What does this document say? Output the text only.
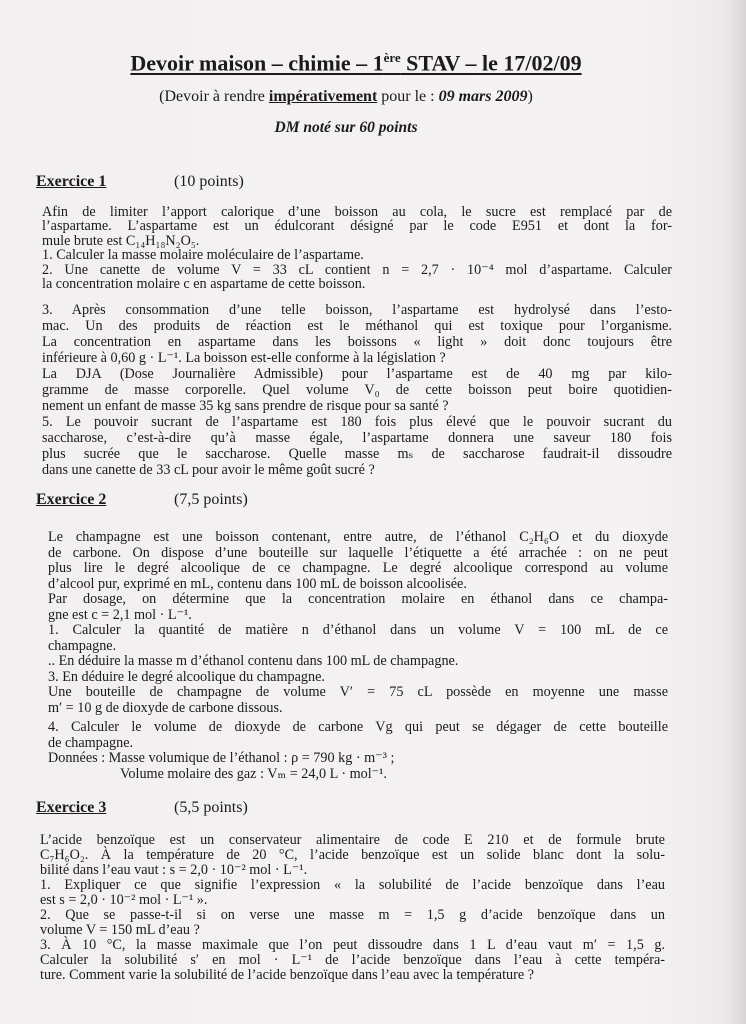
Devoir maison – chimie – 1ère STAV – le 17/02/09
(Devoir à rendre impérativement pour le : 09 mars 2009)
DM noté sur 60 points
Exercice 1	(10 points)
Afin de limiter l’apport calorique d’une boisson au cola, le sucre est remplacé par de
l’aspartame. L’aspartame est un édulcorant désigné par le code E951 et dont la for-
mule brute est C₁₄H₁₈N₂O₅.
1. Calculer la masse molaire moléculaire de l’aspartame.
2. Une canette de volume V = 33 cL contient n = 2,7 · 10⁻⁴ mol d’aspartame. Calculer
la concentration molaire c en aspartame de cette boisson.
3. Après consommation d’une telle boisson, l’aspartame est hydrolysé dans l’esto-
mac. Un des produits de réaction est le méthanol qui est toxique pour l’organisme.
La concentration en aspartame dans les boissons « light » doit donc toujours être
inférieure à 0,60 g · L⁻¹. La boisson est-elle conforme à la législation ?
La DJA (Dose Journalière Admissible) pour l’aspartame est de 40 mg par kilo-
gramme de masse corporelle. Quel volume V₀ de cette boisson peut boire quotidien-
nement un enfant de masse 35 kg sans prendre de risque pour sa santé ?
5. Le pouvoir sucrant de l’aspartame est 180 fois plus élevé que le pouvoir sucrant du
saccharose, c’est-à-dire qu’à masse égale, l’aspartame donnera une saveur 180 fois
plus sucrée que le saccharose. Quelle masse mₛ de saccharose faudrait-il dissoudre
dans une canette de 33 cL pour avoir le même goût sucré ?
Exercice 2	(7,5 points)
Le champagne est une boisson contenant, entre autre, de l’éthanol C₂H₆O et du dioxyde
de carbone. On dispose d’une bouteille sur laquelle l’étiquette a été arrachée : on ne peut
plus lire le degré alcoolique de ce champagne. Le degré alcoolique correspond au volume
d’alcool pur, exprimé en mL, contenu dans 100 mL de boisson alcoolisée.
Par dosage, on détermine que la concentration molaire en éthanol dans ce champa-
gne est c = 2,1 mol · L⁻¹.
1. Calculer la quantité de matière n d’éthanol dans un volume V = 100 mL de ce
champagne.
.. En déduire la masse m d’éthanol contenu dans 100 mL de champagne.
3. En déduire le degré alcoolique du champagne.
Une bouteille de champagne de volume V′ = 75 cL possède en moyenne une masse
m′ = 10 g de dioxyde de carbone dissous.
4. Calculer le volume de dioxyde de carbone Vg qui peut se dégager de cette bouteille
de champagne.
Données : Masse volumique de l’éthanol : ρ = 790 kg · m⁻³ ;
Volume molaire des gaz : Vₘ = 24,0 L · mol⁻¹.
Exercice 3	(5,5 points)
L’acide benzoïque est un conservateur alimentaire de code E 210 et de formule brute
C₇H₆O₂. À la température de 20 °C, l’acide benzoïque est un solide blanc dont la solu-
bilité dans l’eau vaut : s = 2,0 · 10⁻² mol · L⁻¹.
1. Expliquer ce que signifie l’expression « la solubilité de l’acide benzoïque dans l’eau
est s = 2,0 · 10⁻² mol · L⁻¹ ».
2. Que se passe-t-il si on verse une masse m = 1,5 g d’acide benzoïque dans un
volume V = 150 mL d’eau ?
3. À 10 °C, la masse maximale que l’on peut dissoudre dans 1 L d’eau vaut m′ = 1,5 g.
Calculer la solubilité s′ en mol · L⁻¹ de l’acide benzoïque dans l’eau à cette tempéra-
ture. Comment varie la solubilité de l’acide benzoïque dans l’eau avec la température ?
